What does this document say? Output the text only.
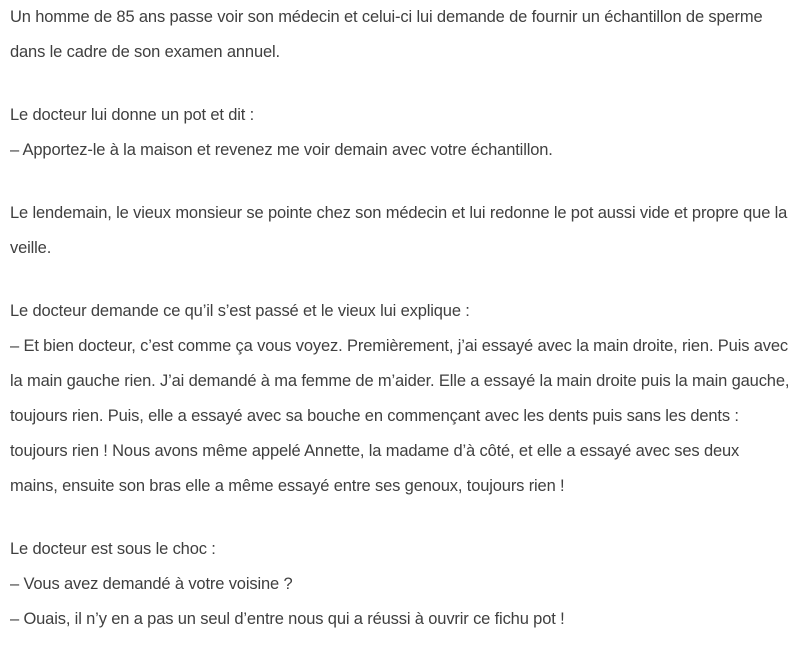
Un homme de 85 ans passe voir son médecin et celui-ci lui demande de fournir un échantillon de sperme dans le cadre de son examen annuel.

Le docteur lui donne un pot et dit :
– Apportez-le à la maison et revenez me voir demain avec votre échantillon.

Le lendemain, le vieux monsieur se pointe chez son médecin et lui redonne le pot aussi vide et propre que la veille.

Le docteur demande ce qu’il s’est passé et le vieux lui explique :
– Et bien docteur, c’est comme ça vous voyez. Premièrement, j’ai essayé avec la main droite, rien. Puis avec la main gauche rien. J’ai demandé à ma femme de m’aider. Elle a essayé la main droite puis la main gauche, toujours rien. Puis, elle a essayé avec sa bouche en commençant avec les dents puis sans les dents : toujours rien ! Nous avons même appelé Annette, la madame d’à côté, et elle a essayé avec ses deux mains, ensuite son bras elle a même essayé entre ses genoux, toujours rien !

Le docteur est sous le choc :
– Vous avez demandé à votre voisine ?
– Ouais, il n’y en a pas un seul d’entre nous qui a réussi à ouvrir ce fichu pot !
